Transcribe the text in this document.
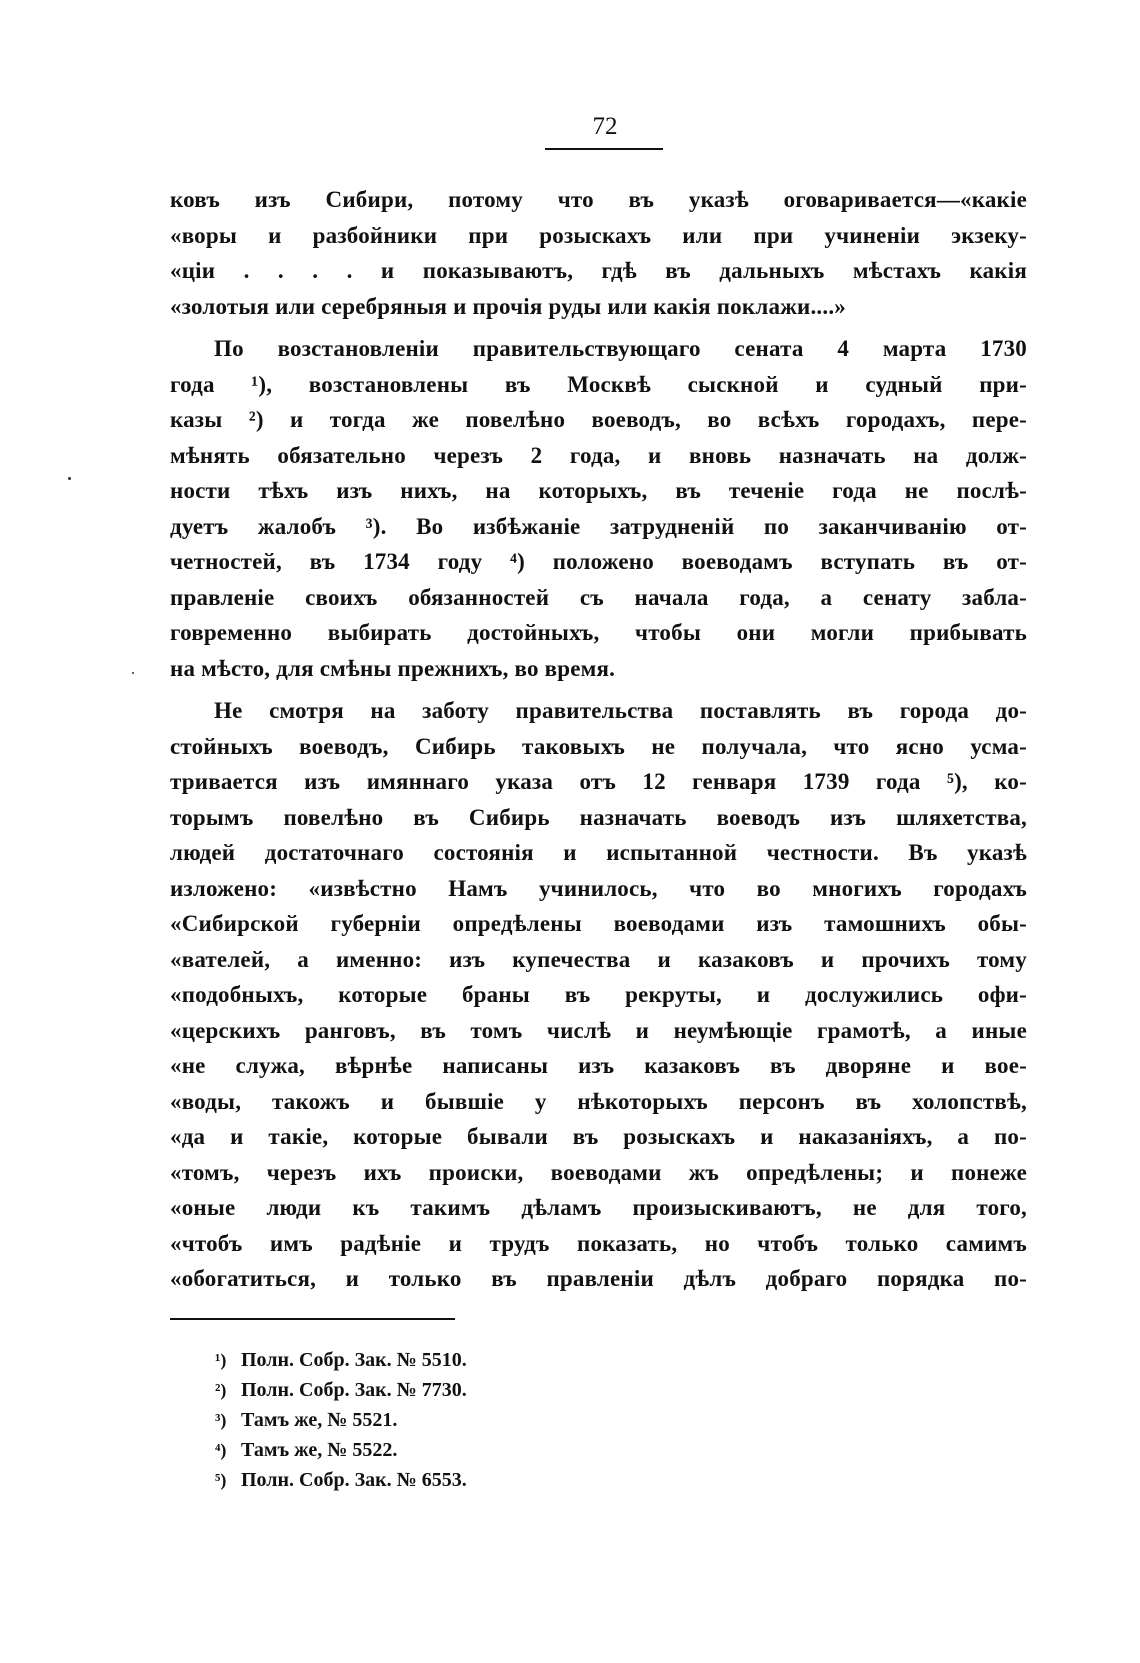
72
ковъ изъ Сибири, потому что въ указѣ оговаривается—«какіе
«воры и разбойники при розыскахъ или при учиненіи экзеку-
«ціи . . . . и показываютъ, гдѣ въ дальныхъ мѣстахъ какія
«золотыя или серебряныя и прочія руды или какія поклажи....»
По возстановленіи правительствующаго сената 4 марта 1730
года ¹), возстановлены въ Москвѣ сыскной и судный при-
казы ²) и тогда же повелѣно воеводъ, во всѣхъ городахъ, пере-
мѣнять обязательно черезъ 2 года, и вновь назначать на долж-
ности тѣхъ изъ нихъ, на которыхъ, въ теченіе года не послѣ-
дуетъ жалобъ ³). Во избѣжаніе затрудненій по заканчиванію от-
четностей, въ 1734 году ⁴) положено воеводамъ вступать въ от-
правленіе своихъ обязанностей съ начала года, а сенату забла-
говременно выбирать достойныхъ, чтобы они могли прибывать
на мѣсто, для смѣны прежнихъ, во время.
Не смотря на заботу правительства поставлять въ города до-
стойныхъ воеводъ, Сибирь таковыхъ не получала, что ясно усма-
тривается изъ имяннаго указа отъ 12 генваря 1739 года ⁵), ко-
торымъ повелѣно въ Сибирь назначать воеводъ изъ шляхетства,
людей достаточнаго состоянія и испытанной честности. Въ указѣ
изложено: «извѣстно Намъ учинилось, что во многихъ городахъ
«Сибирской губерніи опредѣлены воеводами изъ тамошнихъ обы-
«вателей, а именно: изъ купечества и казаковъ и прочихъ тому
«подобныхъ, которые браны въ рекруты, и дослужились офи-
«церскихъ ранговъ, въ томъ числѣ и неумѣющіе грамотѣ, а иные
«не служа, вѣрнѣе написаны изъ казаковъ въ дворяне и вое-
«воды, такожъ и бывшіе у нѣкоторыхъ персонъ въ холопствѣ,
«да и такіе, которые бывали въ розыскахъ и наказаніяхъ, а по-
«томъ, черезъ ихъ происки, воеводами жъ опредѣлены; и понеже
«оные люди къ такимъ дѣламъ произыскиваютъ, не для того,
«чтобъ имъ радѣніе и трудъ показать, но чтобъ только самимъ
«обогатиться, и только въ правленіи дѣлъ добраго порядка по-
¹) Полн. Собр. Зак. № 5510.
²) Полн. Собр. Зак. № 7730.
³) Тамъ же, № 5521.
⁴) Тамъ же, № 5522.
⁵) Полн. Собр. Зак. № 6553.
